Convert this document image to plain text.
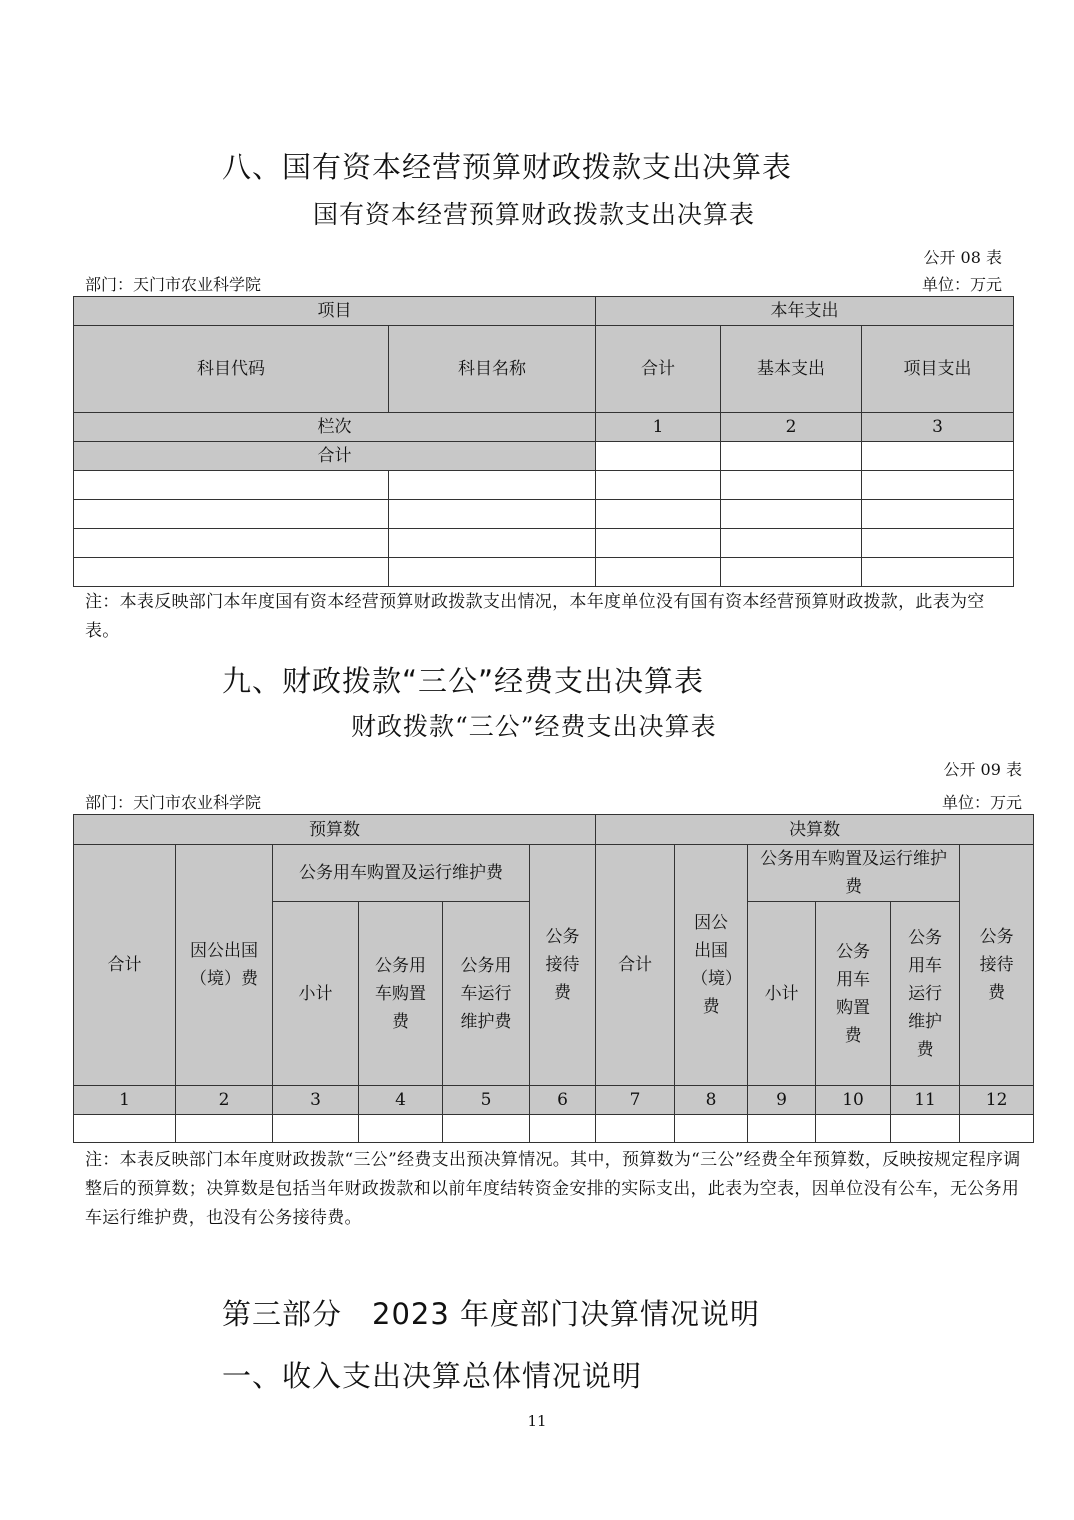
八、国有资本经营预算财政拨款支出决算表
国有资本经营预算财政拨款支出决算表
公开 08 表
部门：天门市农业科学院	单位：万元
项目		本年支出		
科目代码	科目名称	合计	基本支出	项目支出
栏次		1	2	3
合计				

注：本表反映部门本年度国有资本经营预算财政拨款支出情况，本年度单位没有国有资本经营预算财政拨款，此表为空表。
九、财政拨款“三公”经费支出决算表
财政拨款“三公”经费支出决算表
公开 09 表
部门：天门市农业科学院	单位：万元
预算数						决算数					
合计	因公出国（境）费	公务用车购置及运行维护费			公务接待费	合计	因公出国（境）费	公务用车购置及运行维护费			公务接待费
		小计	公务用车购置费	公务用车运行维护费				小计	公务用车购置费	公务用车运行维护费	
1	2	3	4	5	6	7	8	9	10	11	12

注：本表反映部门本年度财政拨款“三公”经费支出预决算情况。其中，预算数为“三公”经费全年预算数，反映按规定程序调整后的预算数；决算数是包括当年财政拨款和以前年度结转资金安排的实际支出，此表为空表，因单位没有公车，无公务用车运行维护费，也没有公务接待费。
第三部分　2023 年度部门决算情况说明
一、收入支出决算总体情况说明
11
